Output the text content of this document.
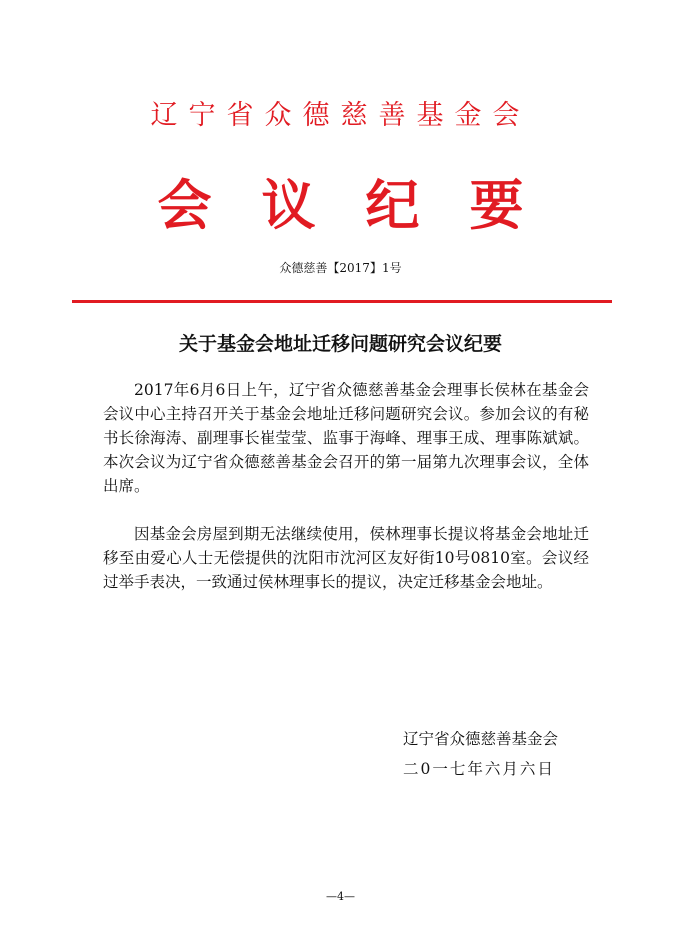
辽宁省众德慈善基金会
会议纪要
众德慈善【2017】1号
关于基金会地址迁移问题研究会议纪要

2017年6月6日上午，辽宁省众德慈善基金会理事长侯林在基金会会议中心主持召开关于基金会地址迁移问题研究会议。参加会议的有秘书长徐海涛、副理事长崔莹莹、监事于海峰、理事王成、理事陈斌斌。本次会议为辽宁省众德慈善基金会召开的第一届第九次理事会议，全体出席。

因基金会房屋到期无法继续使用，侯林理事长提议将基金会地址迁移至由爱心人士无偿提供的沈阳市沈河区友好街10号0810室。会议经过举手表决，一致通过侯林理事长的提议，决定迁移基金会地址。

辽宁省众德慈善基金会
二0一七年六月六日
—4—
